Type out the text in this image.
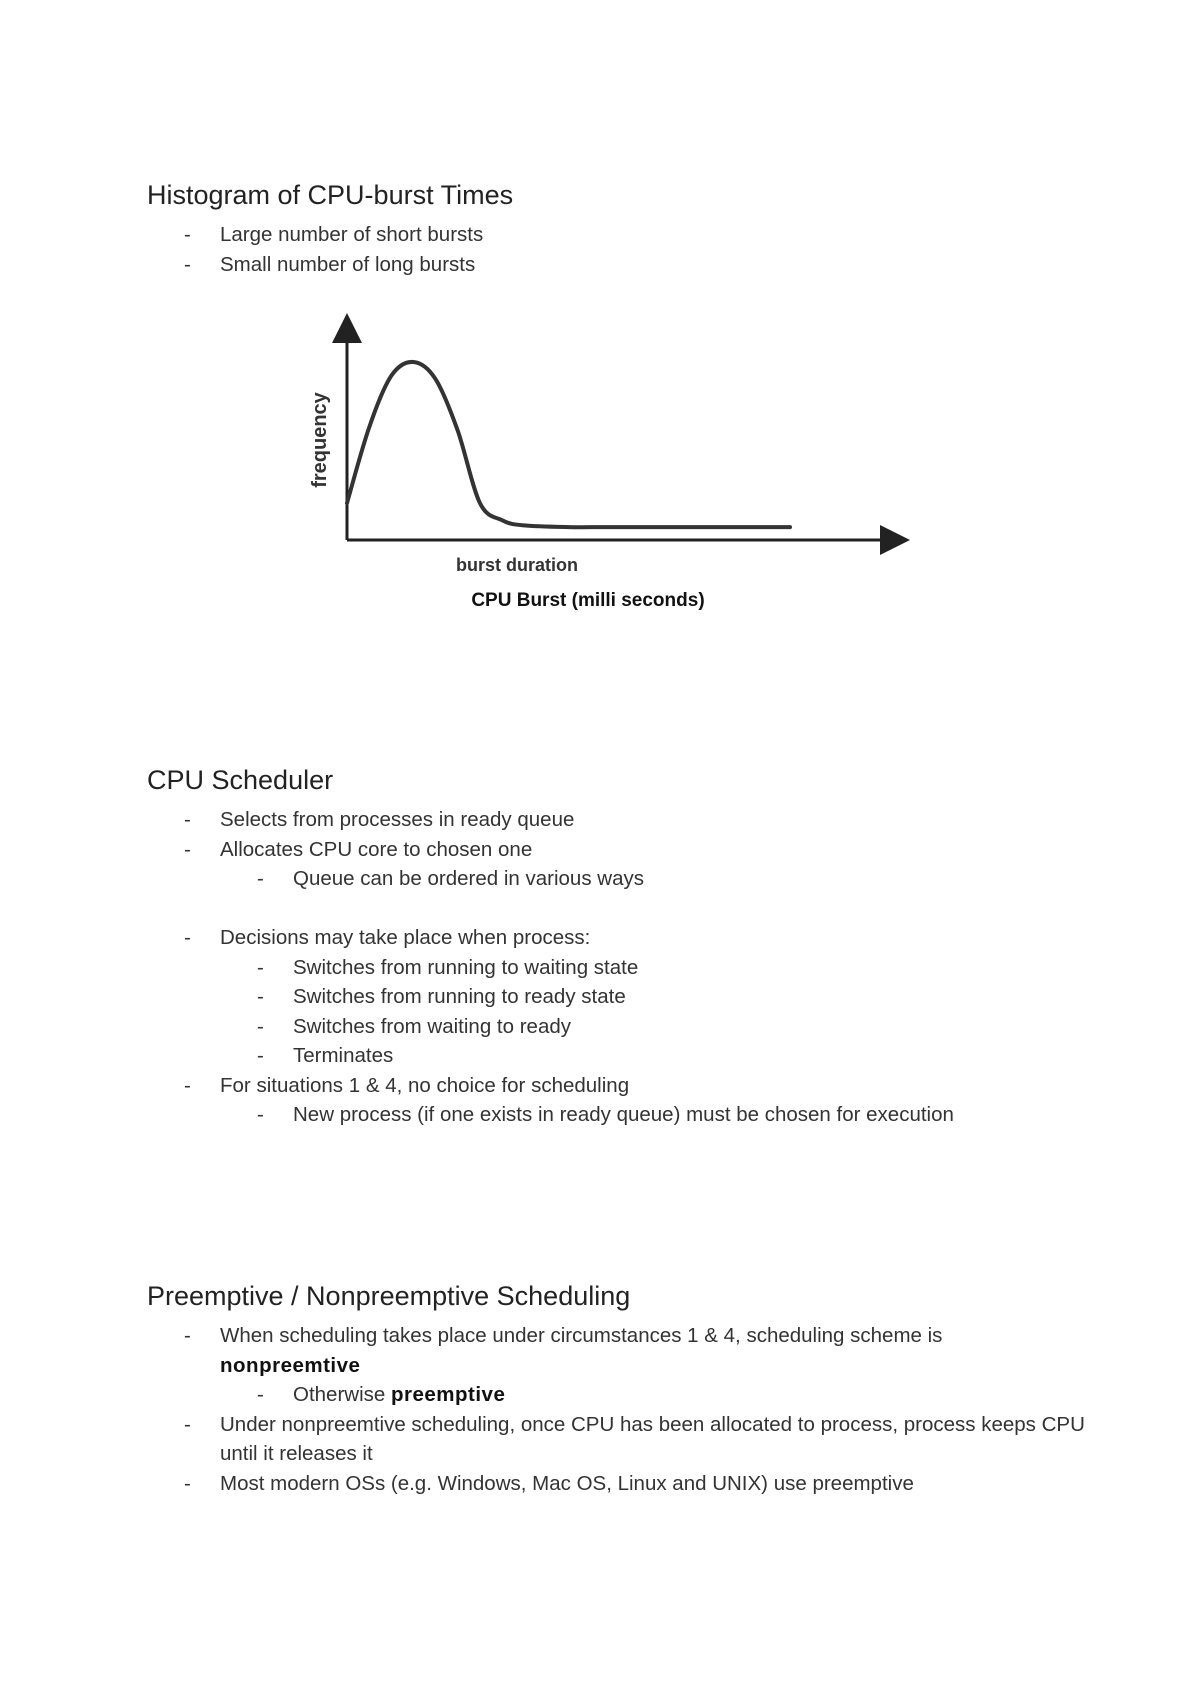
Histogram of CPU-burst Times
- Large number of short bursts
- Small number of long bursts
frequency
burst duration
CPU Burst (milli seconds)
CPU Scheduler
- Selects from processes in ready queue
- Allocates CPU core to chosen one
- Queue can be ordered in various ways
- Decisions may take place when process:
- Switches from running to waiting state
- Switches from running to ready state
- Switches from waiting to ready
- Terminates
- For situations 1 & 4, no choice for scheduling
- New process (if one exists in ready queue) must be chosen for execution
Preemptive / Nonpreemptive Scheduling
- When scheduling takes place under circumstances 1 & 4, scheduling scheme is
nonpreemtive
- Otherwise preemptive
- Under nonpreemtive scheduling, once CPU has been allocated to process, process keeps CPU until it releases it
- Most modern OSs (e.g. Windows, Mac OS, Linux and UNIX) use preemptive
